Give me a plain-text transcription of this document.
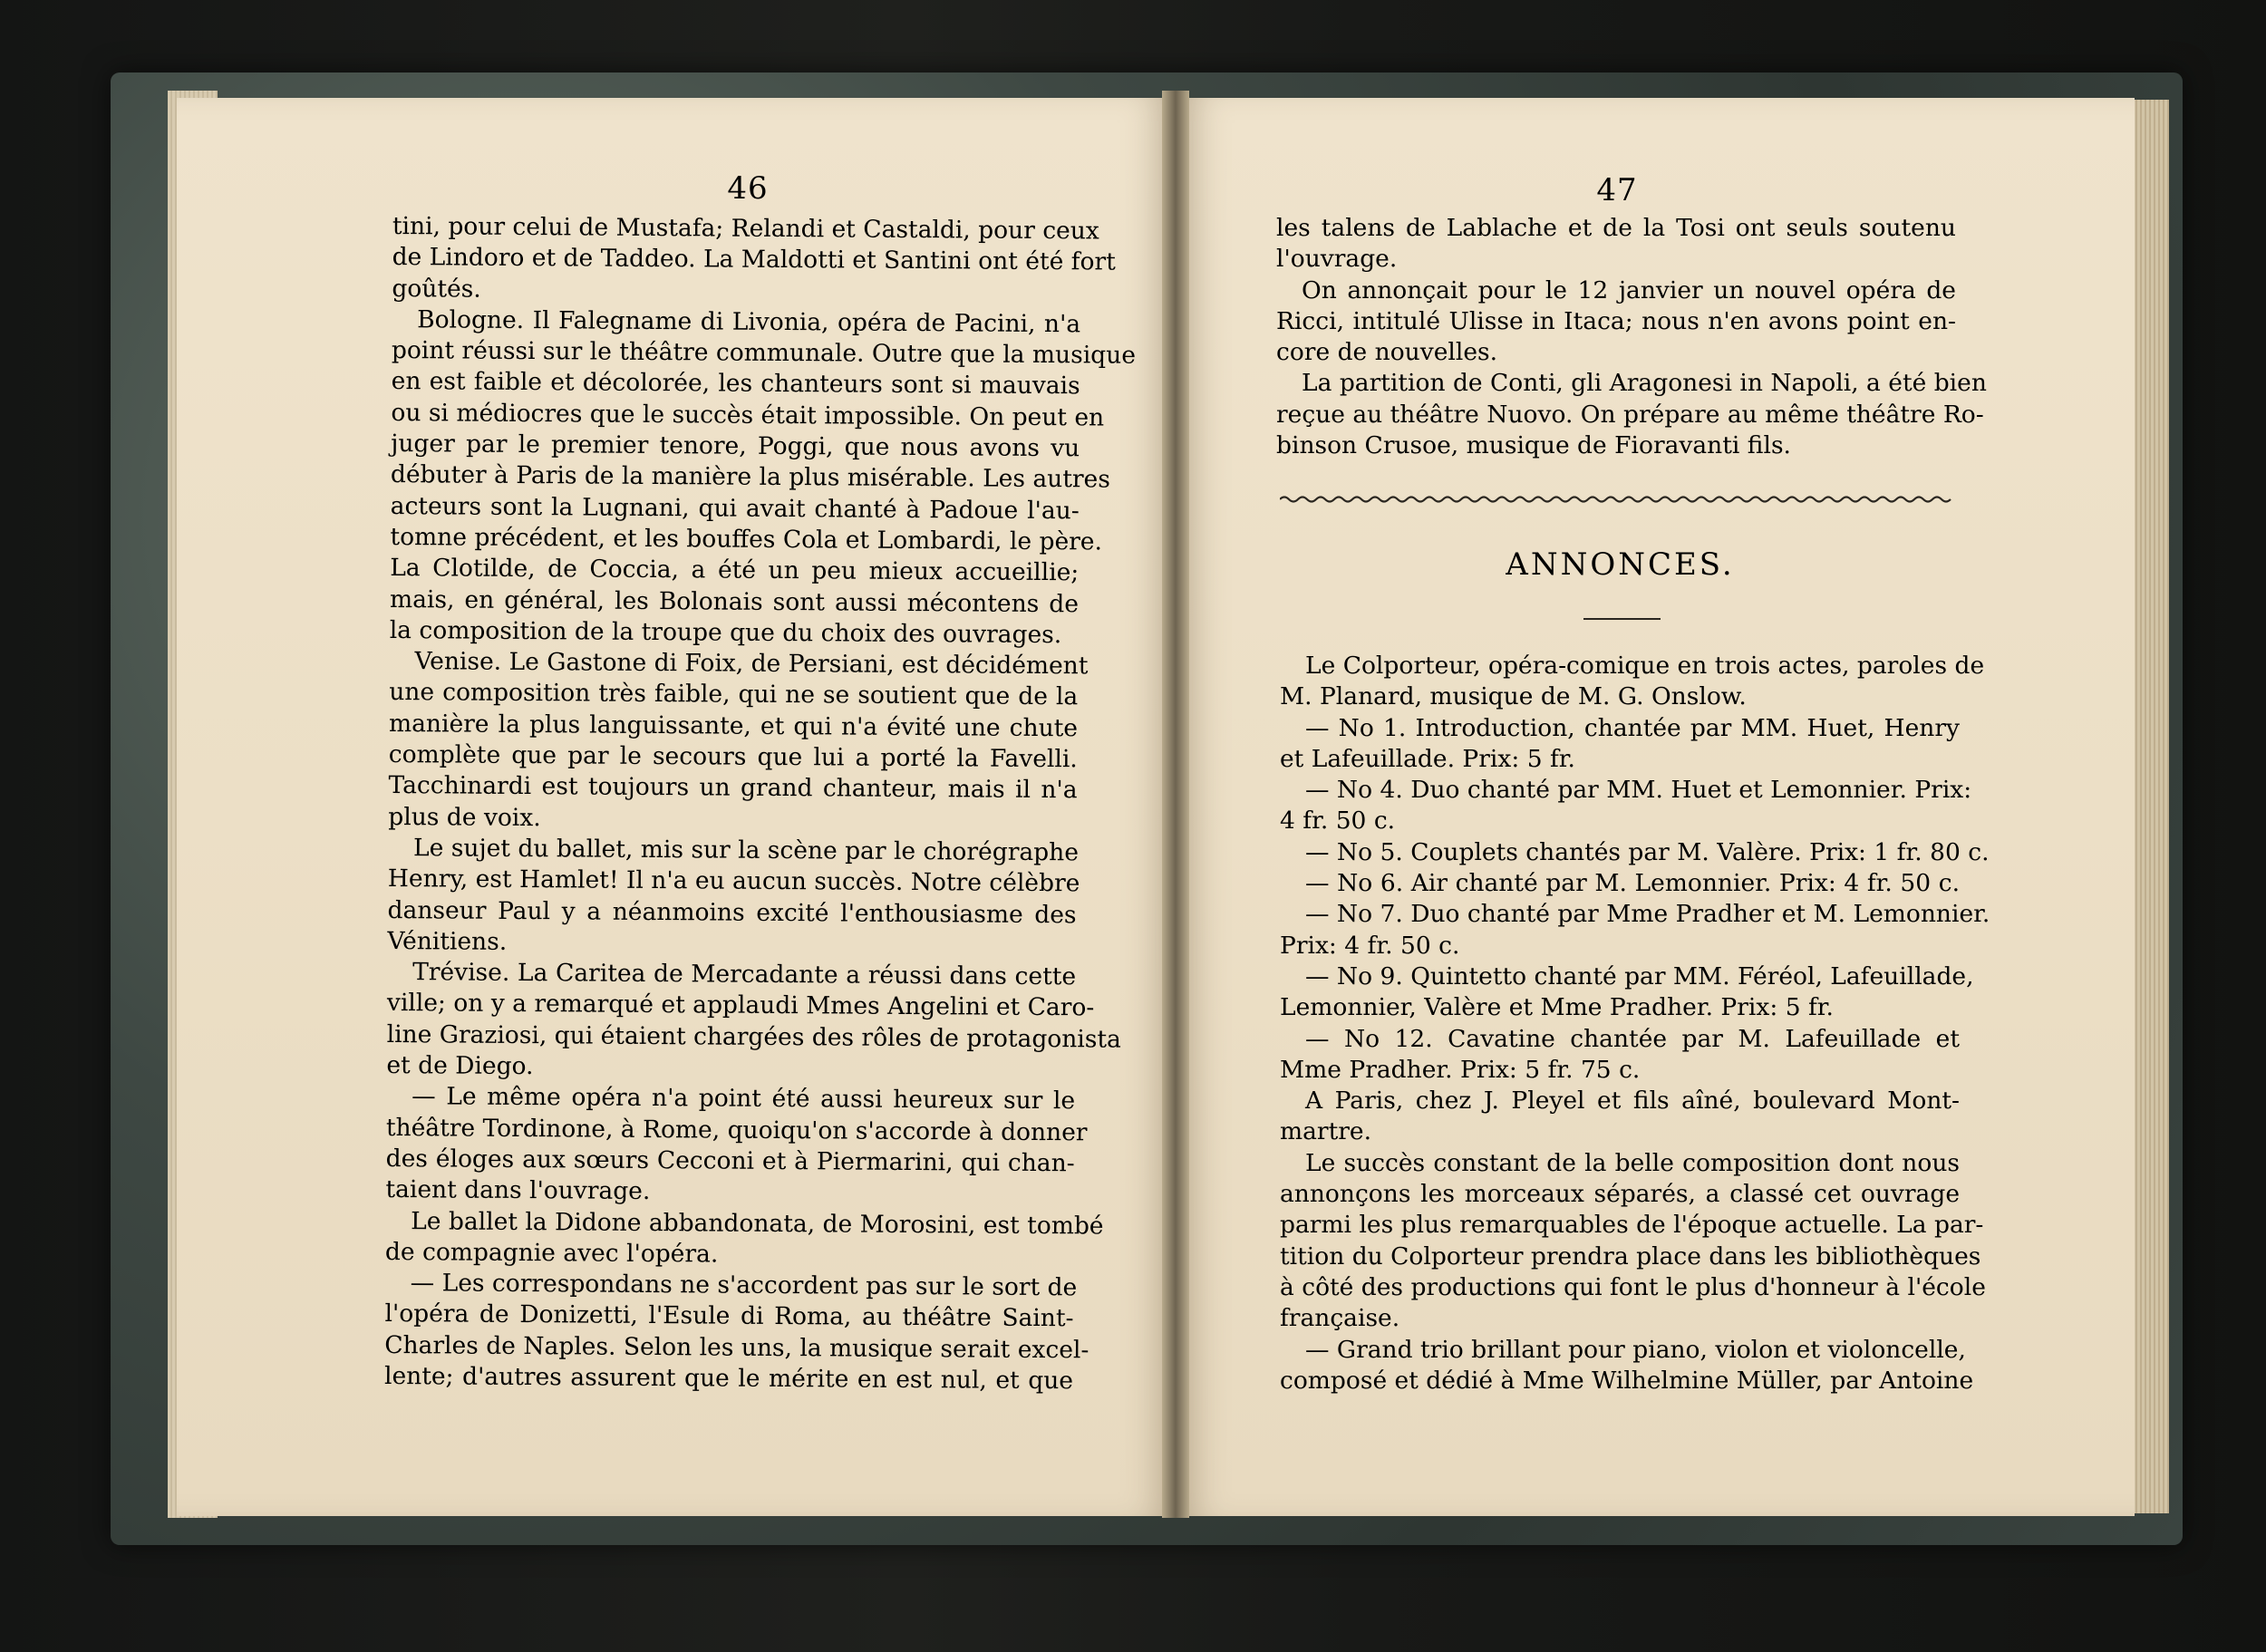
46

tini, pour celui de Mustafa; Relandi et Castaldi, pour ceux

de Lindoro et de Taddeo. La Maldotti et Santini ont été fort

goûtés.

Bologne. Il Falegname di Livonia, opéra de Pacini, n'a

point réussi sur le théâtre communale. Outre que la musique

en est faible et décolorée, les chanteurs sont si mauvais

ou si médiocres que le succès était impossible. On peut en

juger par le premier tenore, Poggi, que nous avons vu

débuter à Paris de la manière la plus misérable. Les autres

acteurs sont la Lugnani, qui avait chanté à Padoue l'au-

tomne précédent, et les bouffes Cola et Lombardi, le père.

La Clotilde, de Coccia, a été un peu mieux accueillie;

mais, en général, les Bolonais sont aussi mécontens de

la composition de la troupe que du choix des ouvrages.

Venise. Le Gastone di Foix, de Persiani, est décidément

une composition très faible, qui ne se soutient que de la

manière la plus languissante, et qui n'a évité une chute

complète que par le secours que lui a porté la Favelli.

Tacchinardi est toujours un grand chanteur, mais il n'a

plus de voix.

Le sujet du ballet, mis sur la scène par le chorégraphe

Henry, est Hamlet! Il n'a eu aucun succès. Notre célèbre

danseur Paul y a néanmoins excité l'enthousiasme des

Vénitiens.

Trévise. La Caritea de Mercadante a réussi dans cette

ville; on y a remarqué et applaudi Mmes Angelini et Caro-

line Graziosi, qui étaient chargées des rôles de protagonista

et de Diego.

— Le même opéra n'a point été aussi heureux sur le

théâtre Tordinone, à Rome, quoiqu'on s'accorde à donner

des éloges aux sœurs Cecconi et à Piermarini, qui chan-

taient dans l'ouvrage.

Le ballet la Didone abbandonata, de Morosini, est tombé

de compagnie avec l'opéra.

— Les correspondans ne s'accordent pas sur le sort de

l'opéra de Donizetti, l'Esule di Roma, au théâtre Saint-

Charles de Naples. Selon les uns, la musique serait excel-

lente; d'autres assurent que le mérite en est nul, et que

47

les talens de Lablache et de la Tosi ont seuls soutenu

l'ouvrage.

On annonçait pour le 12 janvier un nouvel opéra de

Ricci, intitulé Ulisse in Itaca; nous n'en avons point en-

core de nouvelles.

La partition de Conti, gli Aragonesi in Napoli, a été bien

reçue au théâtre Nuovo. On prépare au même théâtre Ro-

binson Crusoe, musique de Fioravanti fils.

ANNONCES.

Le Colporteur, opéra-comique en trois actes, paroles de

M. Planard, musique de M. G. Onslow.

— No 1. Introduction, chantée par MM. Huet, Henry

et Lafeuillade. Prix: 5 fr.

— No 4. Duo chanté par MM. Huet et Lemonnier. Prix:

4 fr. 50 c.

— No 5. Couplets chantés par M. Valère. Prix: 1 fr. 80 c.

— No 6. Air chanté par M. Lemonnier. Prix: 4 fr. 50 c.

— No 7. Duo chanté par Mme Pradher et M. Lemonnier.

Prix: 4 fr. 50 c.

— No 9. Quintetto chanté par MM. Féréol, Lafeuillade,

Lemonnier, Valère et Mme Pradher. Prix: 5 fr.

— No 12. Cavatine chantée par M. Lafeuillade et

Mme Pradher. Prix: 5 fr. 75 c.

A Paris, chez J. Pleyel et fils aîné, boulevard Mont-

martre.

Le succès constant de la belle composition dont nous

annonçons les morceaux séparés, a classé cet ouvrage

parmi les plus remarquables de l'époque actuelle. La par-

tition du Colporteur prendra place dans les bibliothèques

à côté des productions qui font le plus d'honneur à l'école

française.

— Grand trio brillant pour piano, violon et violoncelle,

composé et dédié à Mme Wilhelmine Müller, par Antoine
